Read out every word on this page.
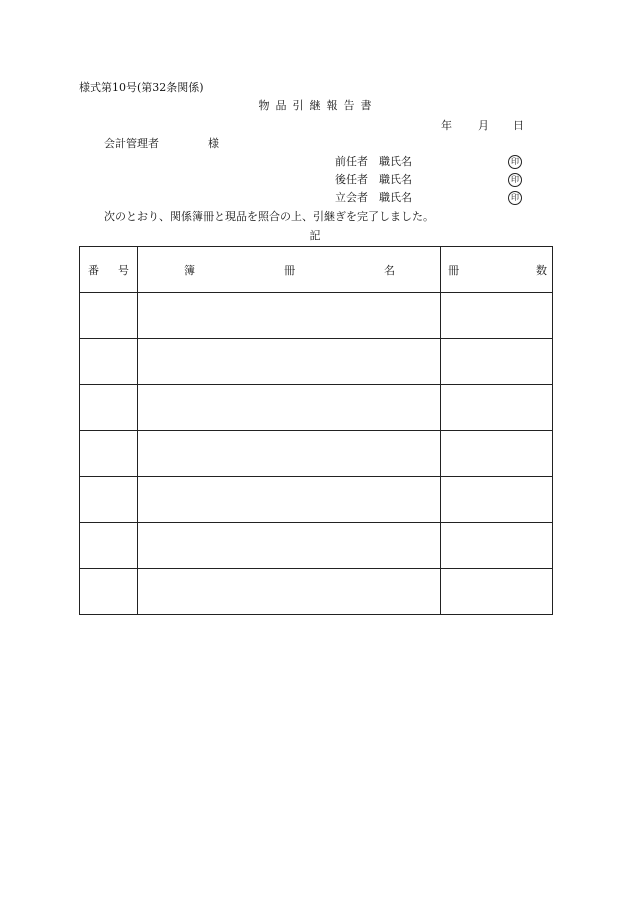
様式第10号(第32条関係)
物品引継報告書
年 月 日
会計管理者	様
前任者 職氏名	印
後任者 職氏名	印
立会者 職氏名	印
次のとおり、関係簿冊と現品を照合の上、引継ぎを完了しました。
記
番 号	簿 冊 名	冊 数
